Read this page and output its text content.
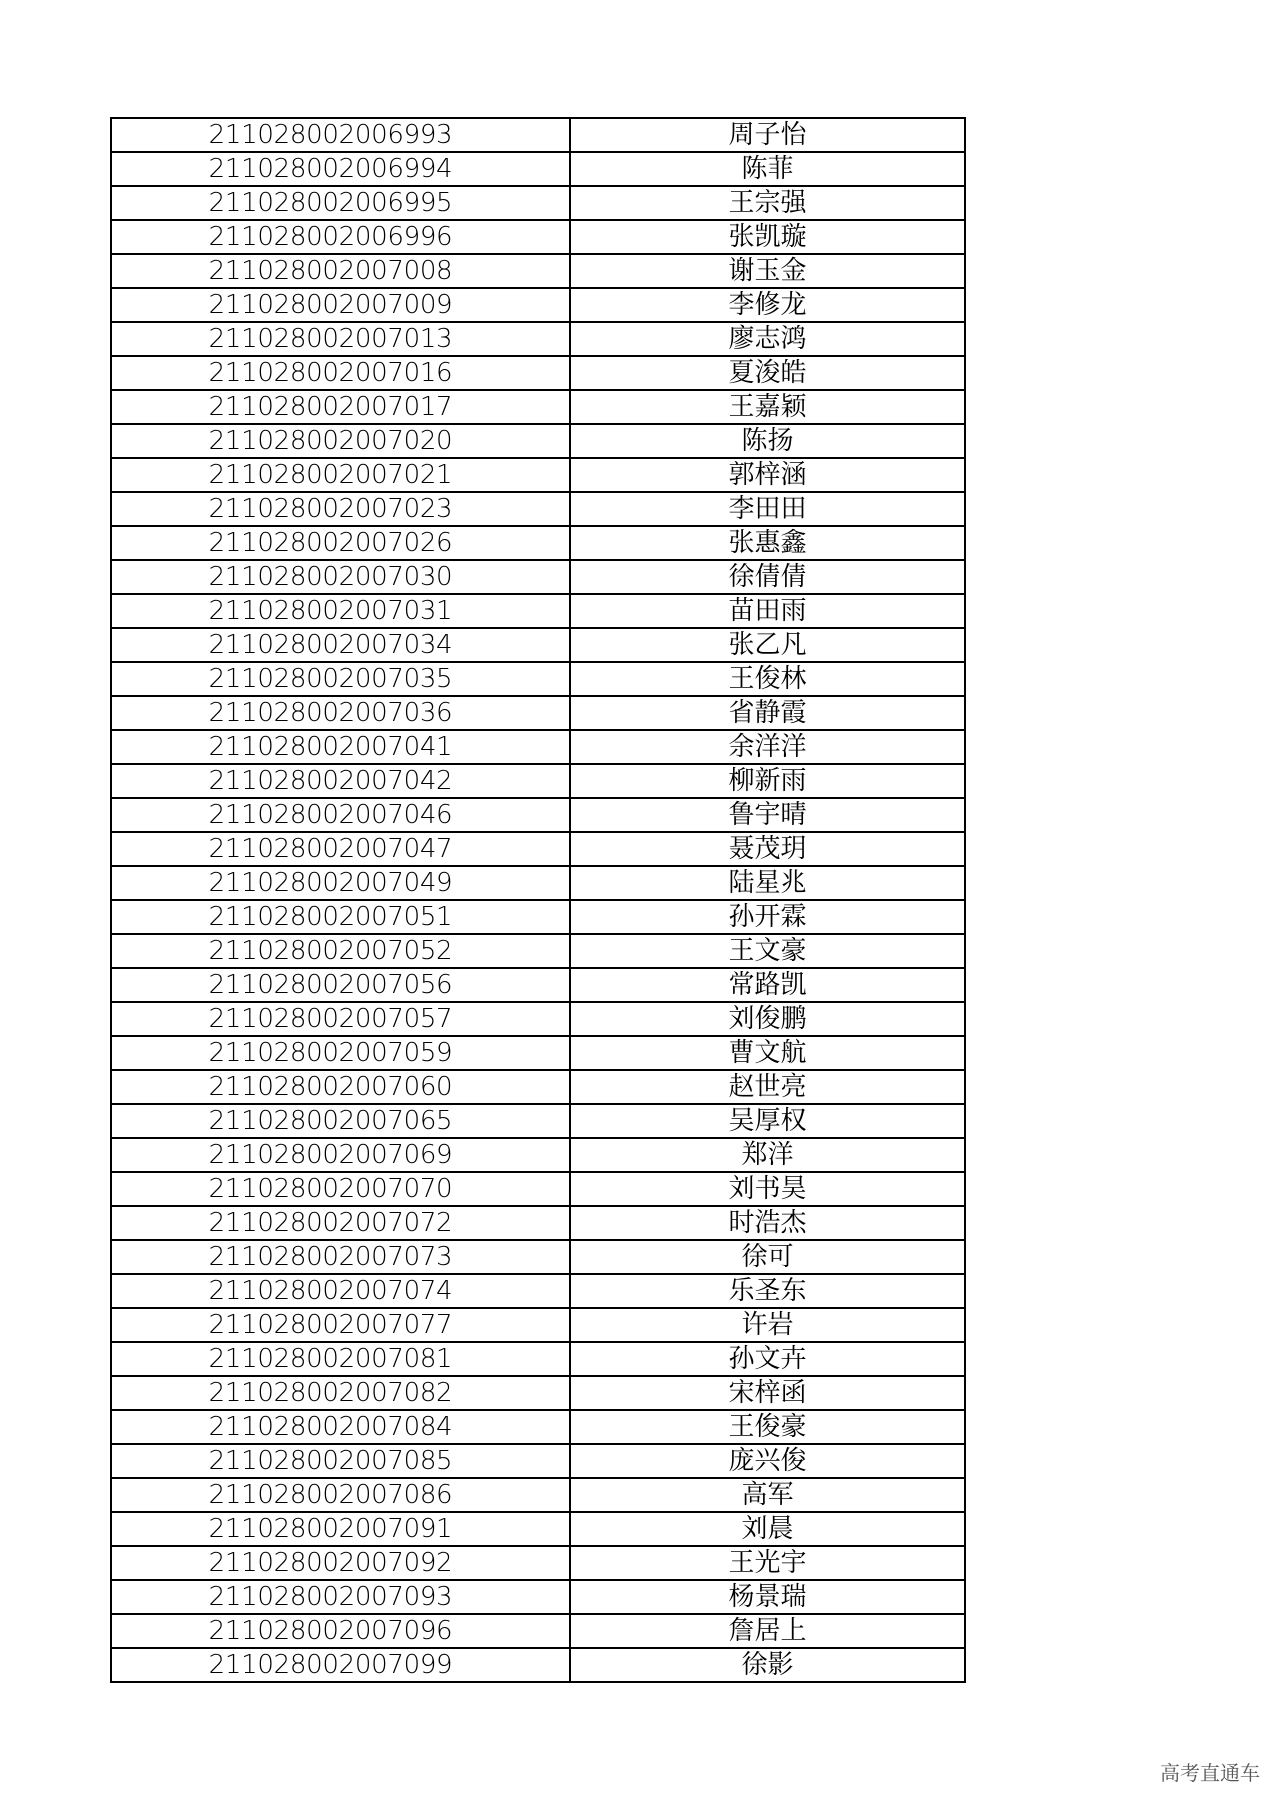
211028002006993	周子怡
211028002006994	陈菲
211028002006995	王宗强
211028002006996	张凯璇
211028002007008	谢玉金
211028002007009	李修龙
211028002007013	廖志鸿
211028002007016	夏浚皓
211028002007017	王嘉颖
211028002007020	陈扬
211028002007021	郭梓涵
211028002007023	李田田
211028002007026	张惠鑫
211028002007030	徐倩倩
211028002007031	苗田雨
211028002007034	张乙凡
211028002007035	王俊林
211028002007036	省静霞
211028002007041	余洋洋
211028002007042	柳新雨
211028002007046	鲁宇晴
211028002007047	聂茂玥
211028002007049	陆星兆
211028002007051	孙开霖
211028002007052	王文豪
211028002007056	常路凯
211028002007057	刘俊鹏
211028002007059	曹文航
211028002007060	赵世亮
211028002007065	吴厚权
211028002007069	郑洋
211028002007070	刘书昊
211028002007072	时浩杰
211028002007073	徐可
211028002007074	乐圣东
211028002007077	许岩
211028002007081	孙文卉
211028002007082	宋梓函
211028002007084	王俊豪
211028002007085	庞兴俊
211028002007086	高军
211028002007091	刘晨
211028002007092	王光宇
211028002007093	杨景瑞
211028002007096	詹居上
211028002007099	徐影
高考直通车
